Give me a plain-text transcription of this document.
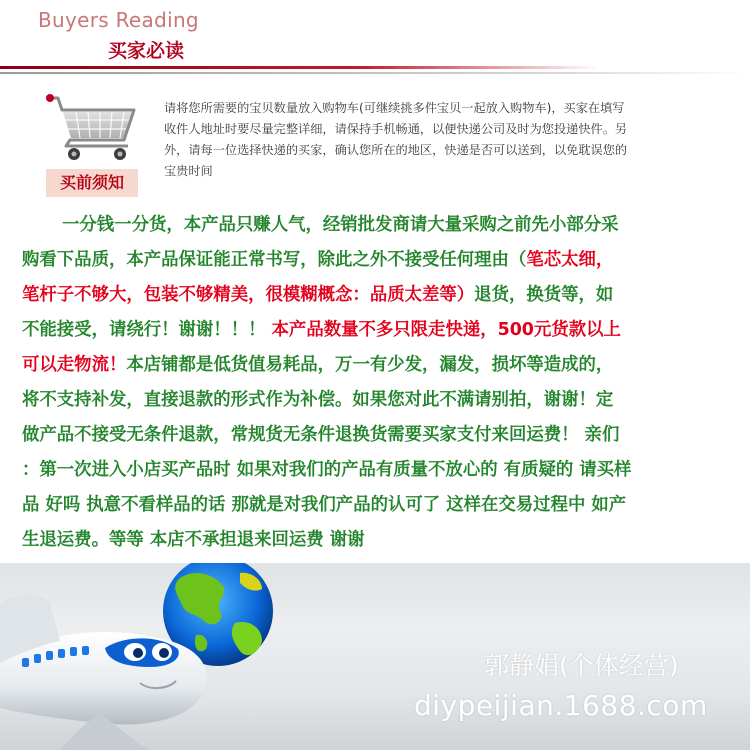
Buyers Reading
买家必读
买前须知
请将您所需要的宝贝数量放入购物车(可继续挑多件宝贝一起放入购物车)，买家在填写
收件人地址时要尽量完整详细，请保持手机畅通，以便快递公司及时为您投递快件。另
外，请每一位选择快递的买家，确认您所在的地区，快递是否可以送到，以免耽误您的
宝贵时间
一分钱一分货，本产品只赚人气，经销批发商请大量采购之前先小部分采
购看下品质，本产品保证能正常书写，除此之外不接受任何理由（笔芯太细，
笔杆子不够大，包装不够精美，很模糊概念：品质太差等）退货，换货等，如
不能接受，请绕行！谢谢！！！ 本产品数量不多只限走快递，500元货款以上
可以走物流！本店铺都是低货值易耗品，万一有少发，漏发，损坏等造成的，
将不支持补发，直接退款的形式作为补偿。如果您对此不满请别拍，谢谢！定
做产品不接受无条件退款，常规货无条件退换货需要买家支付来回运费！ 亲们
：第一次进入小店买产品时 如果对我们的产品有质量不放心的 有质疑的 请买样
品 好吗 执意不看样品的话 那就是对我们产品的认可了 这样在交易过程中 如产
生退运费。等等 本店不承担退来回运费 谢谢
郭静娟(个体经营)
diypeijian.1688.com
